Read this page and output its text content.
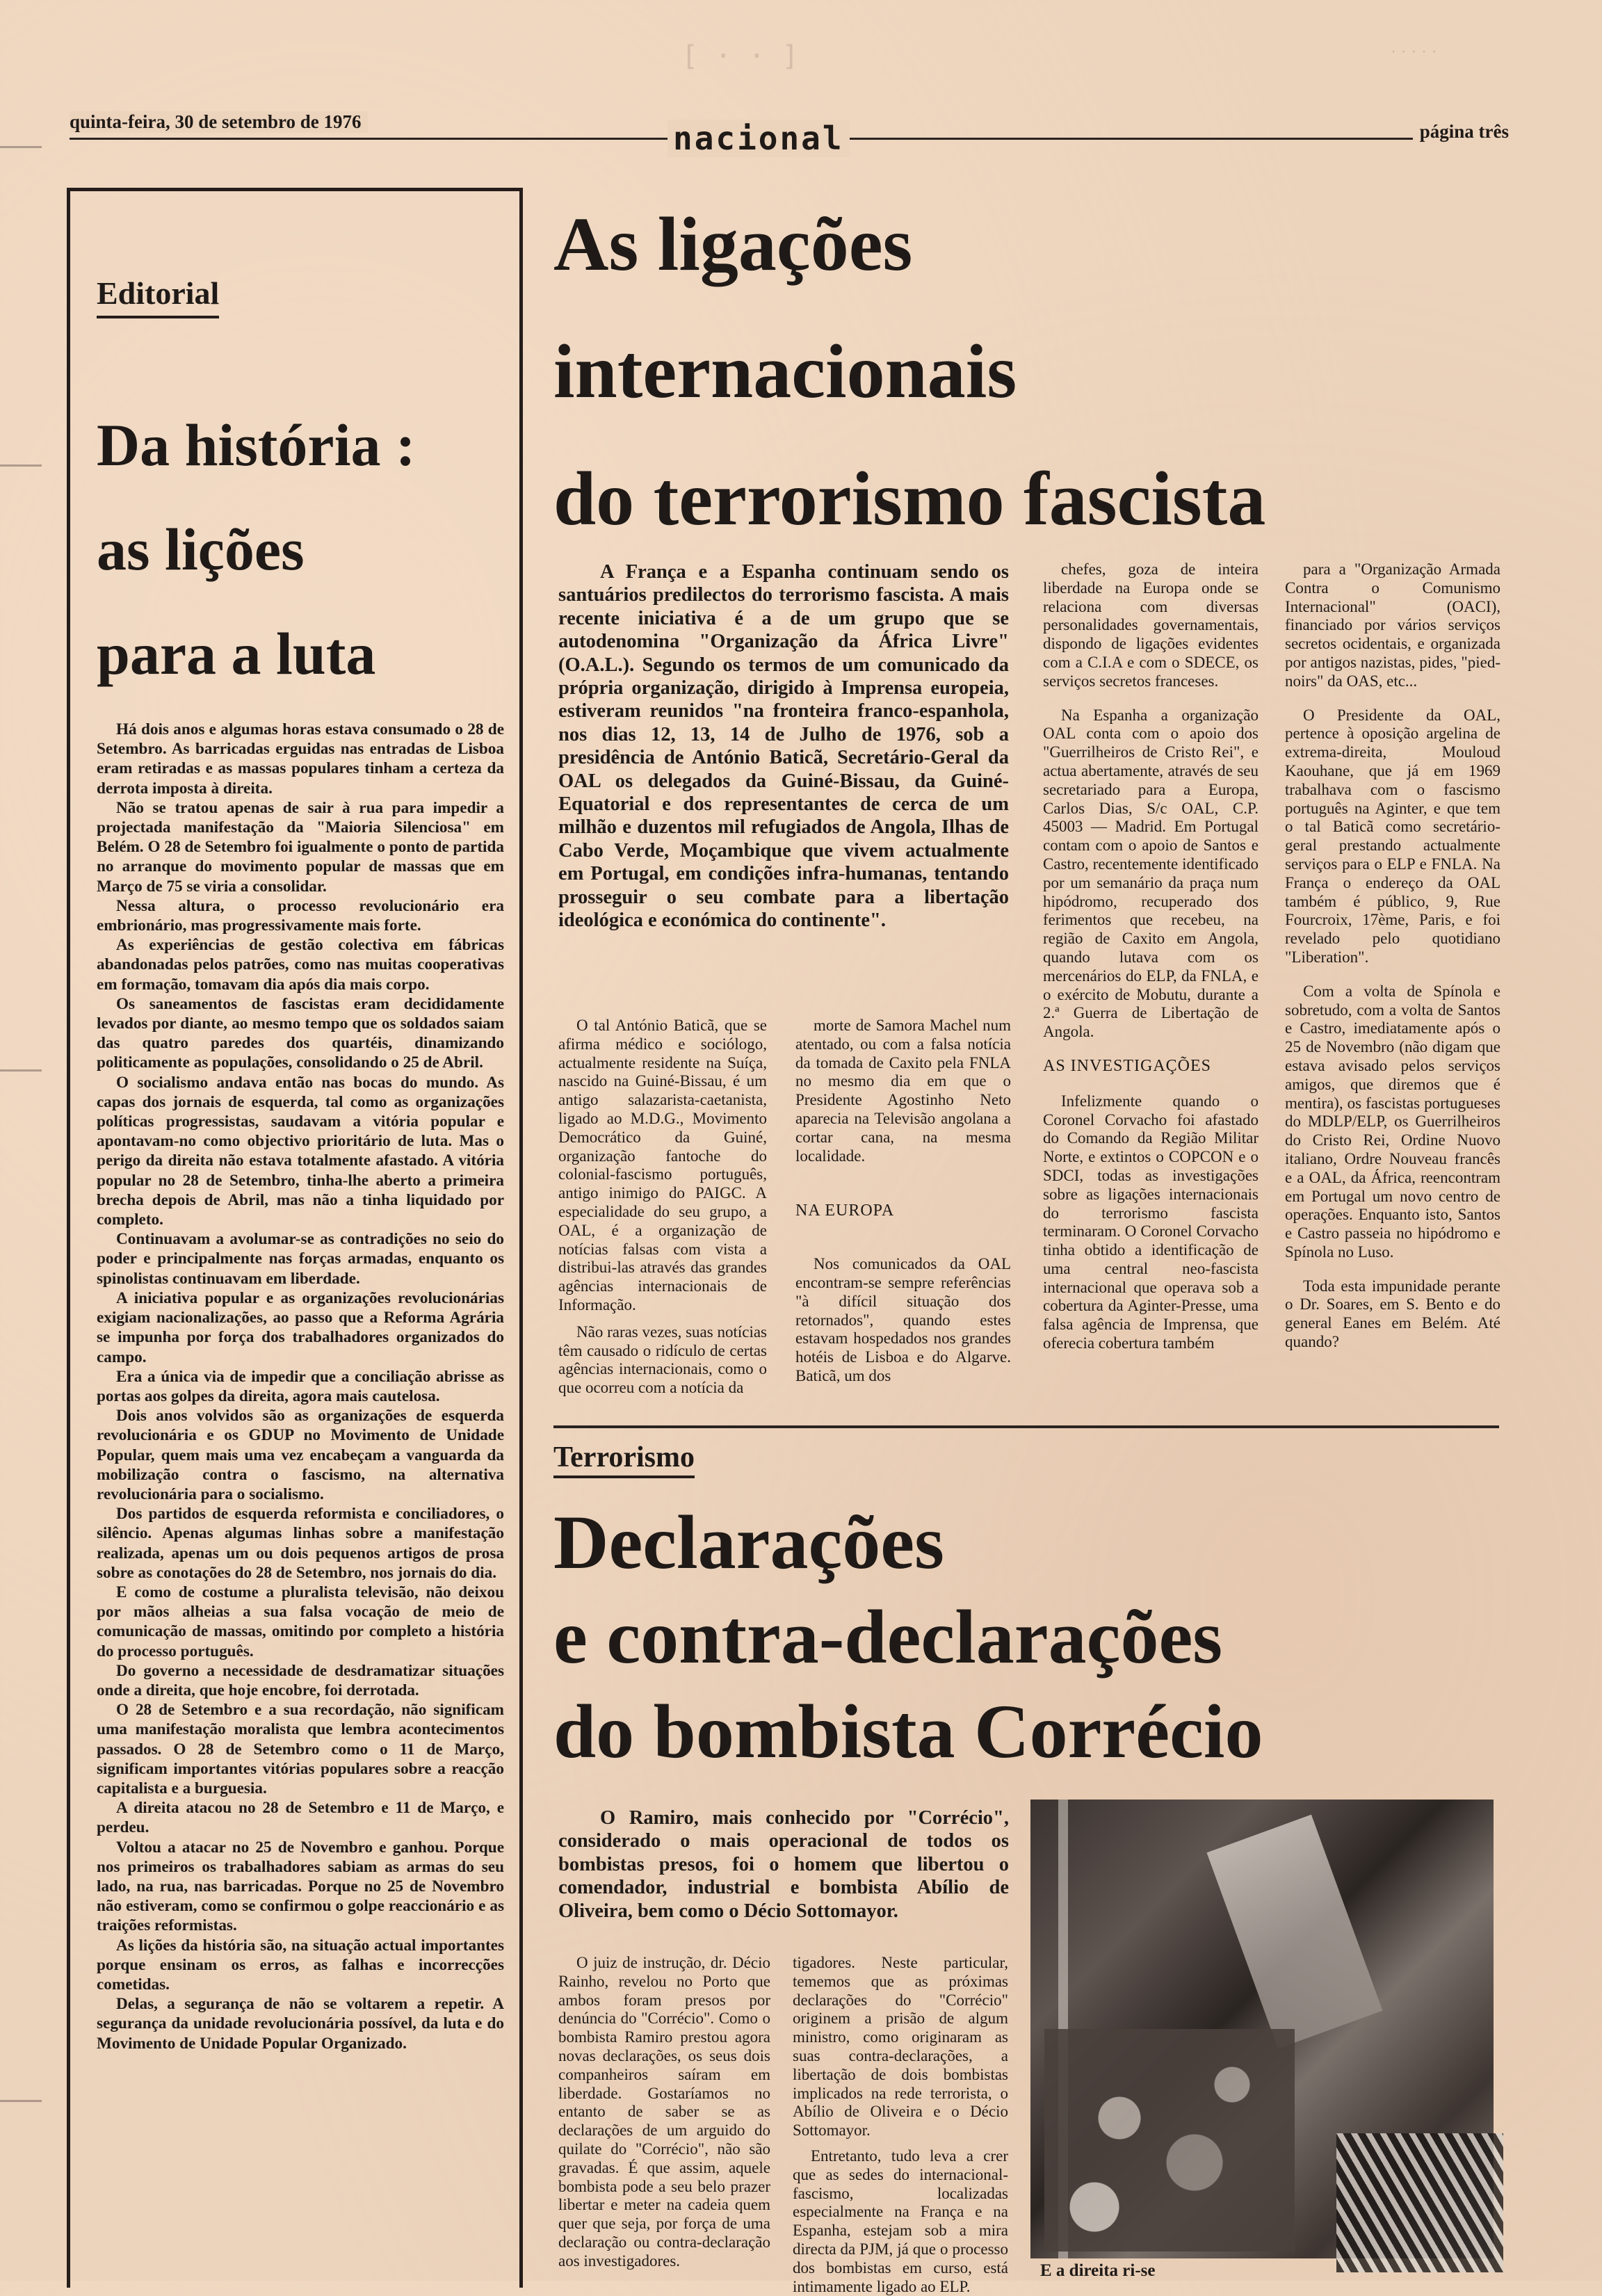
[ · · ]	· · · · ·
quinta-feira, 30 de setembro de 1976	nacional	página três
Editorial
Da história :
as lições
para a luta

Há dois anos e algumas horas estava consumado o 28 de Setembro. As barricadas erguidas nas entradas de Lisboa eram retiradas e as massas populares tinham a certeza da derrota imposta à direita.

Não se tratou apenas de sair à rua para impedir a projectada manifestação da "Maioria Silenciosa" em Belém. O 28 de Setembro foi igualmente o ponto de partida no arranque do movimento popular de massas que em Março de 75 se viria a consolidar.

Nessa altura, o processo revolucionário era embrionário, mas progressivamente mais forte.

As experiências de gestão colectiva em fábricas abandonadas pelos patrões, como nas muitas cooperativas em formação, tomavam dia após dia mais corpo.

Os saneamentos de fascistas eram decididamente levados por diante, ao mesmo tempo que os soldados saiam das quatro paredes dos quartéis, dinamizando politicamente as populações, consolidando o 25 de Abril.

O socialismo andava então nas bocas do mundo. As capas dos jornais de esquerda, tal como as organizações políticas progressistas, saudavam a vitória popular e apontavam-no como objectivo prioritário de luta. Mas o perigo da direita não estava totalmente afastado. A vitória popular no 28 de Setembro, tinha-lhe aberto a primeira brecha depois de Abril, mas não a tinha liquidado por completo.

Continuavam a avolumar-se as contradições no seio do poder e principalmente nas forças armadas, enquanto os spinolistas continuavam em liberdade.

A iniciativa popular e as organizações revolucionárias exigiam nacionalizações, ao passo que a Reforma Agrária se impunha por força dos trabalhadores organizados do campo.

Era a única via de impedir que a conciliação abrisse as portas aos golpes da direita, agora mais cautelosa.

Dois anos volvidos são as organizações de esquerda revolucionária e os GDUP no Movimento de Unidade Popular, quem mais uma vez encabeçam a vanguarda da mobilização contra o fascismo, na alternativa revolucionária para o socialismo.

Dos partidos de esquerda reformista e conciliadores, o silêncio. Apenas algumas linhas sobre a manifestação realizada, apenas um ou dois pequenos artigos de prosa sobre as conotações do 28 de Setembro, nos jornais do dia.

E como de costume a pluralista televisão, não deixou por mãos alheias a sua falsa vocação de meio de comunicação de massas, omitindo por completo a história do processo português.

Do governo a necessidade de desdramatizar situações onde a direita, que hoje encobre, foi derrotada.

O 28 de Setembro e a sua recordação, não significam uma manifestação moralista que lembra acontecimentos passados. O 28 de Setembro como o 11 de Março, significam importantes vitórias populares sobre a reacção capitalista e a burguesia.

A direita atacou no 28 de Setembro e 11 de Março, e perdeu.

Voltou a atacar no 25 de Novembro e ganhou. Porque nos primeiros os trabalhadores sabiam as armas do seu lado, na rua, nas barricadas. Porque no 25 de Novembro não estiveram, como se confirmou o golpe reaccionário e as traições reformistas.

As lições da história são, na situação actual importantes porque ensinam os erros, as falhas e incorrecções cometidas.

Delas, a segurança de não se voltarem a repetir. A segurança da unidade revolucionária possível, da luta e do Movimento de Unidade Popular Organizado.

As ligações
internacionais
do terrorismo fascista

A França e a Espanha continuam sendo os santuários predilectos do terrorismo fascista. A mais recente iniciativa é a de um grupo que se autodenomina "Organização da África Livre" (O.A.L.). Segundo os termos de um comunicado da própria organização, dirigido à Imprensa europeia, estiveram reunidos "na fronteira franco-espanhola, nos dias 12, 13, 14 de Julho de 1976, sob a presidência de António Baticã, Secretário-Geral da OAL os delegados da Guiné-Bissau, da Guiné-Equatorial e dos representantes de cerca de um milhão e duzentos mil refugiados de Angola, Ilhas de Cabo Verde, Moçambique que vivem actualmente em Portugal, em condições infra-humanas, tentando prosseguir o seu combate para a libertação ideológica e económica do continente".

O tal António Baticã, que se afirma médico e sociólogo, actualmente residente na Suíça, nascido na Guiné-Bissau, é um antigo salazarista-caetanista, ligado ao M.D.G., Movimento Democrático da Guiné, organização fantoche do colonial-fascismo português, antigo inimigo do PAIGC. A especialidade do seu grupo, a OAL, é a organização de notícias falsas com vista a distribui-las através das grandes agências internacionais de Informação.

Não raras vezes, suas notícias têm causado o ridículo de certas agências internacionais, como o que ocorreu com a notícia da

morte de Samora Machel num atentado, ou com a falsa notícia da tomada de Caxito pela FNLA no mesmo dia em que o Presidente Agostinho Neto aparecia na Televisão angolana a cortar cana, na mesma localidade.

NA EUROPA

Nos comunicados da OAL encontram-se sempre referências "à difícil situação dos retornados", quando estes estavam hospedados nos grandes hotéis de Lisboa e do Algarve. Baticã, um dos

chefes, goza de inteira liberdade na Europa onde se relaciona com diversas personalidades governamentais, dispondo de ligações evidentes com a C.I.A e com o SDECE, os serviços secretos franceses.

Na Espanha a organização OAL conta com o apoio dos "Guerrilheiros de Cristo Rei", e actua abertamente, através de seu secretariado para a Europa, Carlos Dias, S/c OAL, C.P. 45003 — Madrid. Em Portugal contam com o apoio de Santos e Castro, recentemente identificado por um semanário da praça num hipódromo, recuperado dos ferimentos que recebeu, na região de Caxito em Angola, quando lutava com os mercenários do ELP, da FNLA, e o exército de Mobutu, durante a 2.ª Guerra de Libertação de Angola.

AS INVESTIGAÇÕES

Infelizmente quando o Coronel Corvacho foi afastado do Comando da Região Militar Norte, e extintos o COPCON e o SDCI, todas as investigações sobre as ligações internacionais do terrorismo fascista terminaram. O Coronel Corvacho tinha obtido a identificação de uma central neo-fascista internacional que operava sob a cobertura da Aginter-Presse, uma falsa agência de Imprensa, que oferecia cobertura também

para a "Organização Armada Contra o Comunismo Internacional" (OACI), financiado por vários serviços secretos ocidentais, e organizada por antigos nazistas, pides, "pied-noirs" da OAS, etc...

O Presidente da OAL, pertence à oposição argelina de extrema-direita, Mouloud Kaouhane, que já em 1969 trabalhava com o fascismo português na Aginter, e que tem o tal Baticã como secretário-geral prestando actualmente serviços para o ELP e FNLA. Na França o endereço da OAL também é público, 9, Rue Fourcroix, 17ème, Paris, e foi revelado pelo quotidiano "Liberation".

Com a volta de Spínola e sobretudo, com a volta de Santos e Castro, imediatamente após o 25 de Novembro (não digam que estava avisado pelos serviços amigos, que diremos que é mentira), os fascistas portugueses do MDLP/ELP, os Guerrilheiros do Cristo Rei, Ordine Nuovo italiano, Ordre Nouveau francês e a OAL, da África, reencontram em Portugal um novo centro de operações. Enquanto isto, Santos e Castro passeia no hipódromo e Spínola no Luso.

Toda esta impunidade perante o Dr. Soares, em S. Bento e do general Eanes em Belém. Até quando?

Terrorismo
Declarações
e contra-declarações
do bombista Corrécio

O Ramiro, mais conhecido por "Corrécio", considerado o mais operacional de todos os bombistas presos, foi o homem que libertou o comendador, industrial e bombista Abílio de Oliveira, bem como o Décio Sottomayor.

O juiz de instrução, dr. Décio Rainho, revelou no Porto que ambos foram presos por denúncia do "Corrécio". Como o bombista Ramiro prestou agora novas declarações, os seus dois companheiros saíram em liberdade. Gostaríamos no entanto de saber se as declarações de um arguido do quilate do "Corrécio", não são gravadas. É que assim, aquele bombista pode a seu belo prazer libertar e meter na cadeia quem quer que seja, por força de uma declaração ou contra-declaração aos investigadores.

tigadores. Neste particular, tememos que as próximas declarações do "Corrécio" originem a prisão de algum ministro, como originaram as suas contra-declarações, a libertação de dois bombistas implicados na rede terrorista, o Abílio de Oliveira e o Décio Sottomayor.

Entretanto, tudo leva a crer que as sedes do internacional-fascismo, localizadas especialmente na França e na Espanha, estejam sob a mira directa da PJM, já que o processo dos bombistas em curso, está intimamente ligado ao ELP.

E a direita ri-se
